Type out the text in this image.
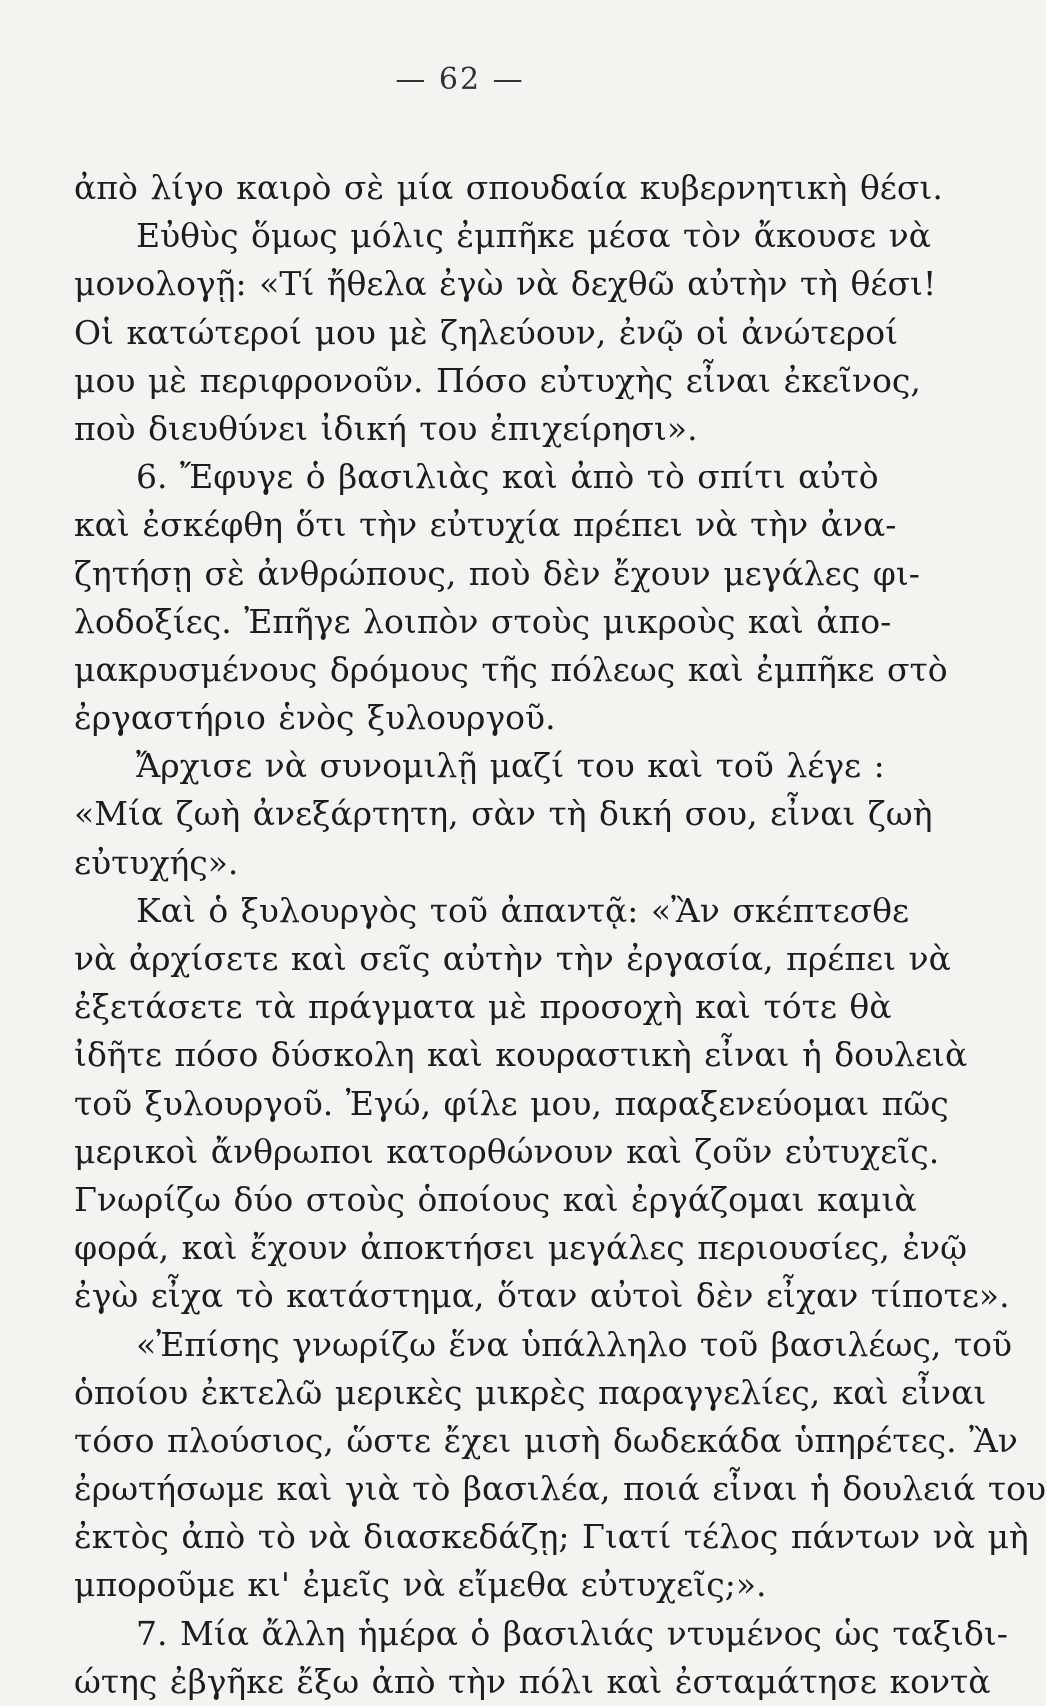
— 62 —
ἀπὸ λίγο καιρὸ σὲ μία σπουδαία κυβερνητικὴ θέσι.
Εὐθὺς ὅμως μόλις ἐμπῆκε μέσα τὸν ἄκουσε νὰ
μονολογῇ: «Τί ἤθελα ἐγὼ νὰ δεχθῶ αὐτὴν τὴ θέσι!
Οἱ κατώτεροί μου μὲ ζηλεύουν, ἐνῷ οἱ ἀνώτεροί
μου μὲ περιφρονοῦν. Πόσο εὐτυχὴς εἶναι ἐκεῖνος,
ποὺ διευθύνει ἰδική του ἐπιχείρησι».
6. Ἔφυγε ὁ βασιλιὰς καὶ ἀπὸ τὸ σπίτι αὐτὸ
καὶ ἐσκέφθη ὅτι τὴν εὐτυχία πρέπει νὰ τὴν ἀνα-
ζητήσῃ σὲ ἀνθρώπους, ποὺ δὲν ἔχουν μεγάλες φι-
λοδοξίες. Ἐπῆγε λοιπὸν στοὺς μικροὺς καὶ ἀπο-
μακρυσμένους δρόμους τῆς πόλεως καὶ ἐμπῆκε στὸ
ἐργαστήριο ἑνὸς ξυλουργοῦ.
Ἄρχισε νὰ συνομιλῇ μαζί του καὶ τοῦ λέγε :
«Μία ζωὴ ἀνεξάρτητη, σὰν τὴ δική σου, εἶναι ζωὴ
εὐτυχής».
Καὶ ὁ ξυλουργὸς τοῦ ἀπαντᾷ: «Ἂν σκέπτεσθε
νὰ ἀρχίσετε καὶ σεῖς αὐτὴν τὴν ἐργασία, πρέπει νὰ
ἐξετάσετε τὰ πράγματα μὲ προσοχὴ καὶ τότε θὰ
ἰδῆτε πόσο δύσκολη καὶ κουραστικὴ εἶναι ἡ δουλειὰ
τοῦ ξυλουργοῦ. Ἐγώ, φίλε μου, παραξενεύομαι πῶς
μερικοὶ ἄνθρωποι κατορθώνουν καὶ ζοῦν εὐτυχεῖς.
Γνωρίζω δύο στοὺς ὁποίους καὶ ἐργάζομαι καμιὰ
φορά, καὶ ἔχουν ἀποκτήσει μεγάλες περιουσίες, ἐνῷ
ἐγὼ εἶχα τὸ κατάστημα, ὅταν αὐτοὶ δὲν εἶχαν τίποτε».
«Ἐπίσης γνωρίζω ἕνα ὑπάλληλο τοῦ βασιλέως, τοῦ
ὁποίου ἐκτελῶ μερικὲς μικρὲς παραγγελίες, καὶ εἶναι
τόσο πλούσιος, ὥστε ἔχει μισὴ δωδεκάδα ὑπηρέτες. Ἂν
ἐρωτήσωμε καὶ γιὰ τὸ βασιλέα, ποιά εἶναι ἡ δουλειά του
ἐκτὸς ἀπὸ τὸ νὰ διασκεδάζῃ; Γιατί τέλος πάντων νὰ μὴ
μποροῦμε κι' ἐμεῖς νὰ εἴμεθα εὐτυχεῖς;».
7. Μία ἄλλη ἡμέρα ὁ βασιλιάς ντυμένος ὡς ταξιδι-
ώτης ἐβγῆκε ἔξω ἀπὸ τὴν πόλι καὶ ἐσταμάτησε κοντὰ
